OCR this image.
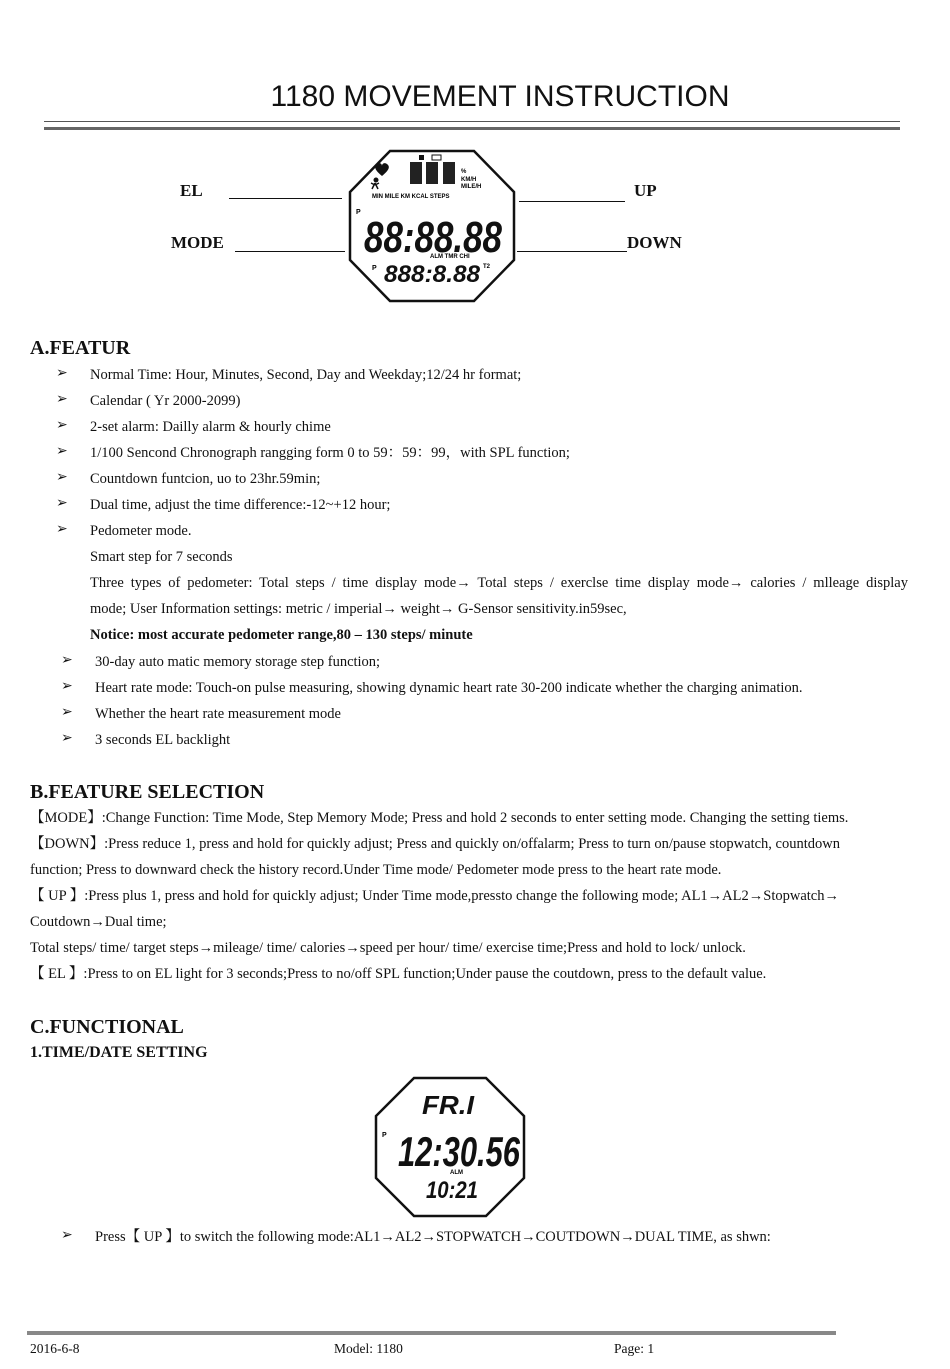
1180 MOVEMENT INSTRUCTION
EL
MODE
UP
DOWN
%
KM/H
MILE/H
MIN MILE KM KCAL STEPS
P
88:88.88
ALM TMR CHI
P 888:8.88 T2
A.FEATUR
➢ Normal Time: Hour, Minutes, Second, Day and Weekday;12/24 hr format;
➢ Calendar ( Yr 2000-2099)
➢ 2-set alarm: Dailly alarm & hourly chime
➢ 1/100 Sencond Chronograph rangging form 0 to 59：59：99，with SPL function;
➢ Countdown funtcion, uo to 23hr.59min;
➢ Dual time, adjust the time difference:-12~+12 hour;
➢ Pedometer mode.
Smart step for 7 seconds
Three types of pedometer: Total steps / time display mode→ Total steps / exerclse time display mode→ calories / mlleage display
mode; User Information settings: metric / imperial→ weight→ G-Sensor sensitivity.in59sec,
Notice: most accurate pedometer range,80 – 130 steps/ minute
➢ 30-day auto matic memory storage step function;
➢ Heart rate mode: Touch-on pulse measuring, showing dynamic heart rate 30-200 indicate whether the charging animation.
➢ Whether the heart rate measurement mode
➢ 3 seconds EL backlight
B.FEATURE SELECTION
【MODE】:Change Function: Time Mode, Step Memory Mode; Press and hold 2 seconds to enter setting mode. Changing the setting tiems.
【DOWN】:Press reduce 1, press and hold for quickly adjust; Press and quickly on/offalarm; Press to turn on/pause stopwatch, countdown
function; Press to downward check the history record.Under Time mode/ Pedometer mode press to the heart rate mode.
【 UP 】:Press plus 1, press and hold for quickly adjust; Under Time mode,pressto change the following mode; AL1→AL2→Stopwatch→
Coutdown→Dual time;
Total steps/ time/ target steps→mileage/ time/ calories→speed per hour/ time/ exercise time;Press and hold to lock/ unlock.
【 EL 】:Press to on EL light for 3 seconds;Press to no/off SPL function;Under pause the coutdown, press to the default value.
C.FUNCTIONAL
1.TIME/DATE SETTING
FR.I
P 12:30.56
ALM
10:21
➢ Press【 UP 】to switch the following mode:AL1→AL2→STOPWATCH→COUTDOWN→DUAL TIME, as shwn:
2016-6-8	Model: 1180	Page: 1
